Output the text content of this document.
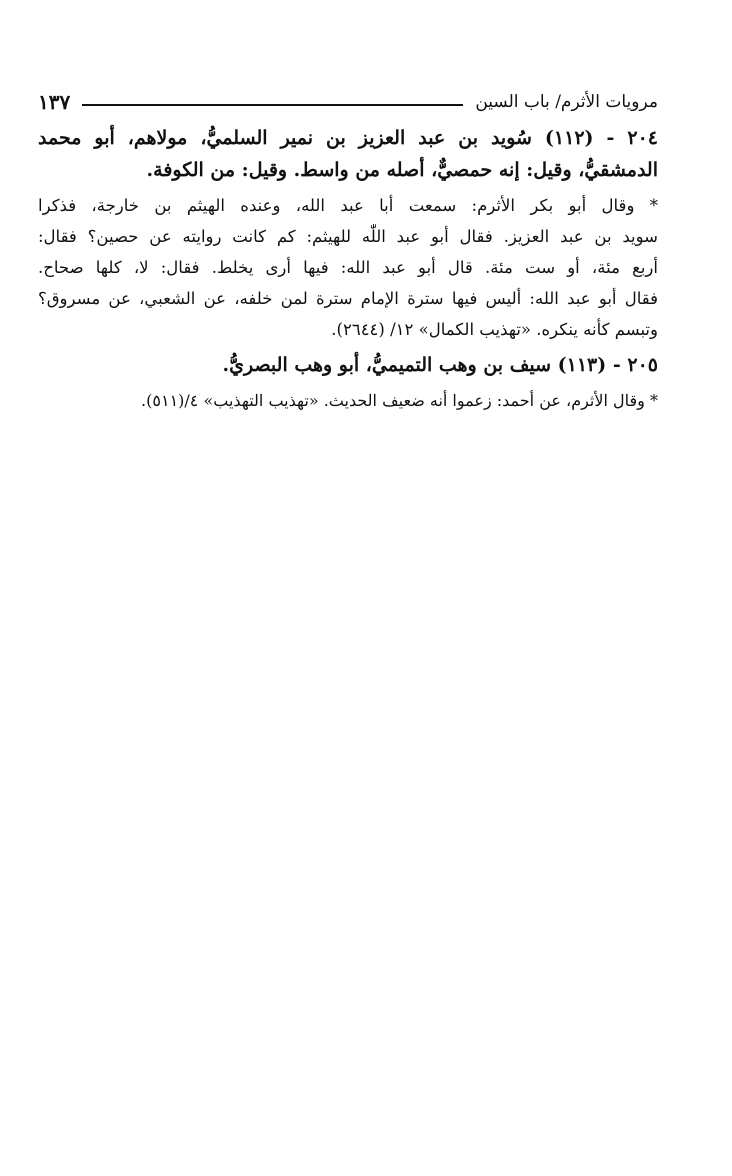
مرويات الأثرم/ باب السين
١٣٧
٢٠٤ - (١١٢) سُويد بن عبد العزيز بن نمير السلميُّ، مولاهم، أبو محمد
الدمشقيُّ، وقيل: إنه حمصيٌّ، أصله من واسط. وقيل: من الكوفة.
* وقال أبو بكر الأثرم: سمعت أبا عبد الله، وعنده الهيثم بن خارجة، فذكرا
سويد بن عبد العزيز. فقال أبو عبد اللّٰه للهيثم: كم كانت روايته عن حصين؟ فقال:
أربع مئة، أو ست مئة. قال أبو عبد الله: فيها أرى يخلط. فقال: لا، كلها صحاح.
فقال أبو عبد الله: أليس فيها سترة الإمام سترة لمن خلفه، عن الشعبي، عن مسروق؟
وتبسم كأنه ينكره. «تهذيب الكمال» ١٢/ (٢٦٤٤).
٢٠٥ - (١١٣) سيف بن وهب التميميُّ، أبو وهب البصريُّ.
* وقال الأثرم، عن أحمد: زعموا أنه ضعيف الحديث. «تهذيب التهذيب» ٤/(٥١١).
